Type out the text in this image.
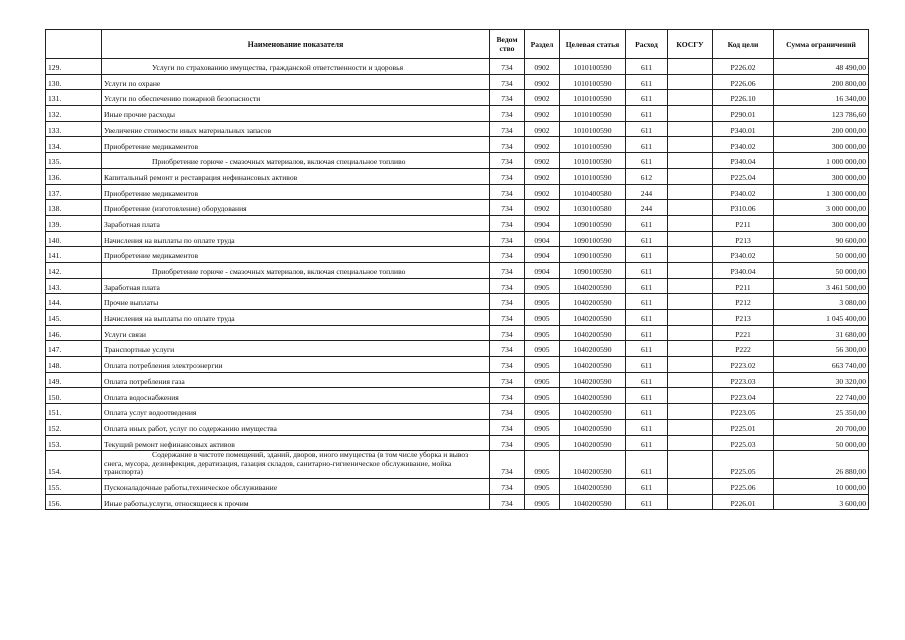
	Наименование показателя	Ведом ство	Раздел	Целевая статья	Расход	КОСГУ	Код цели	Сумма ограничений
129.	Услуги по страхованию имущества, гражданской ответственности и здоровья	734	0902	1010100590	611		P226.02	48 490,00
130.	Услуги по охране	734	0902	1010100590	611		P226.06	200 800,00
131.	Услуги по обеспечению пожарной безопасности	734	0902	1010100590	611		P226.10	16 340,00
132.	Иные прочие расходы	734	0902	1010100590	611		P290.01	123 786,60
133.	Увеличение стоимости иных материальных запасов	734	0902	1010100590	611		P340.01	200 000,00
134.	Приобретение медикаментов	734	0902	1010100590	611		P340.02	300 000,00
135.	Приобретение горюче - смазочных материалов, включая специальное топливо	734	0902	1010100590	611		P340.04	1 000 000,00
136.	Капитальный ремонт и реставрация нефинансовых активов	734	0902	1010100590	612		P225.04	300 000,00
137.	Приобретение медикаментов	734	0902	1010400580	244		P340.02	1 300 000,00
138.	Приобретение (изготовление) оборудования	734	0902	1030100580	244		P310.06	3 000 000,00
139.	Заработная плата	734	0904	1090100590	611		P211	300 000,00
140.	Начисления на выплаты по оплате труда	734	0904	1090100590	611		P213	90 600,00
141.	Приобретение медикаментов	734	0904	1090100590	611		P340.02	50 000,00
142.	Приобретение горюче - смазочных материалов, включая специальное топливо	734	0904	1090100590	611		P340.04	50 000,00
143.	Заработная плата	734	0905	1040200590	611		P211	3 461 500,00
144.	Прочие выплаты	734	0905	1040200590	611		P212	3 080,00
145.	Начисления на выплаты по оплате труда	734	0905	1040200590	611		P213	1 045 400,00
146.	Услуги связи	734	0905	1040200590	611		P221	31 680,00
147.	Транспортные услуги	734	0905	1040200590	611		P222	56 300,00
148.	Оплата потребления электроэнергии	734	0905	1040200590	611		P223.02	663 740,00
149.	Оплата потребления газа	734	0905	1040200590	611		P223.03	30 320,00
150.	Оплата водоснабжения	734	0905	1040200590	611		P223.04	22 740,00
151.	Оплата услуг водоотведения	734	0905	1040200590	611		P223.05	25 350,00
152.	Оплата иных работ, услуг по содержанию имущества	734	0905	1040200590	611		P225.01	20 700,00
153.	Текущий ремонт нефинансовых активов	734	0905	1040200590	611		P225.03	50 000,00
154.	Содержание в чистоте помещений, зданий, дворов, иного имущества (в том числе уборка и вывоз снега, мусора, дезинфекция, дератизация, газация складов, санитарно-гигиеническое обслуживание, мойка транспорта)	734	0905	1040200590	611		P225.05	26 880,00
155.	Пусконаладочные работы,техническое обслуживание	734	0905	1040200590	611		P225.06	10 000,00
156.	Иные работы,услуги, относящиеся к прочим	734	0905	1040200590	611		P226.01	3 600,00
